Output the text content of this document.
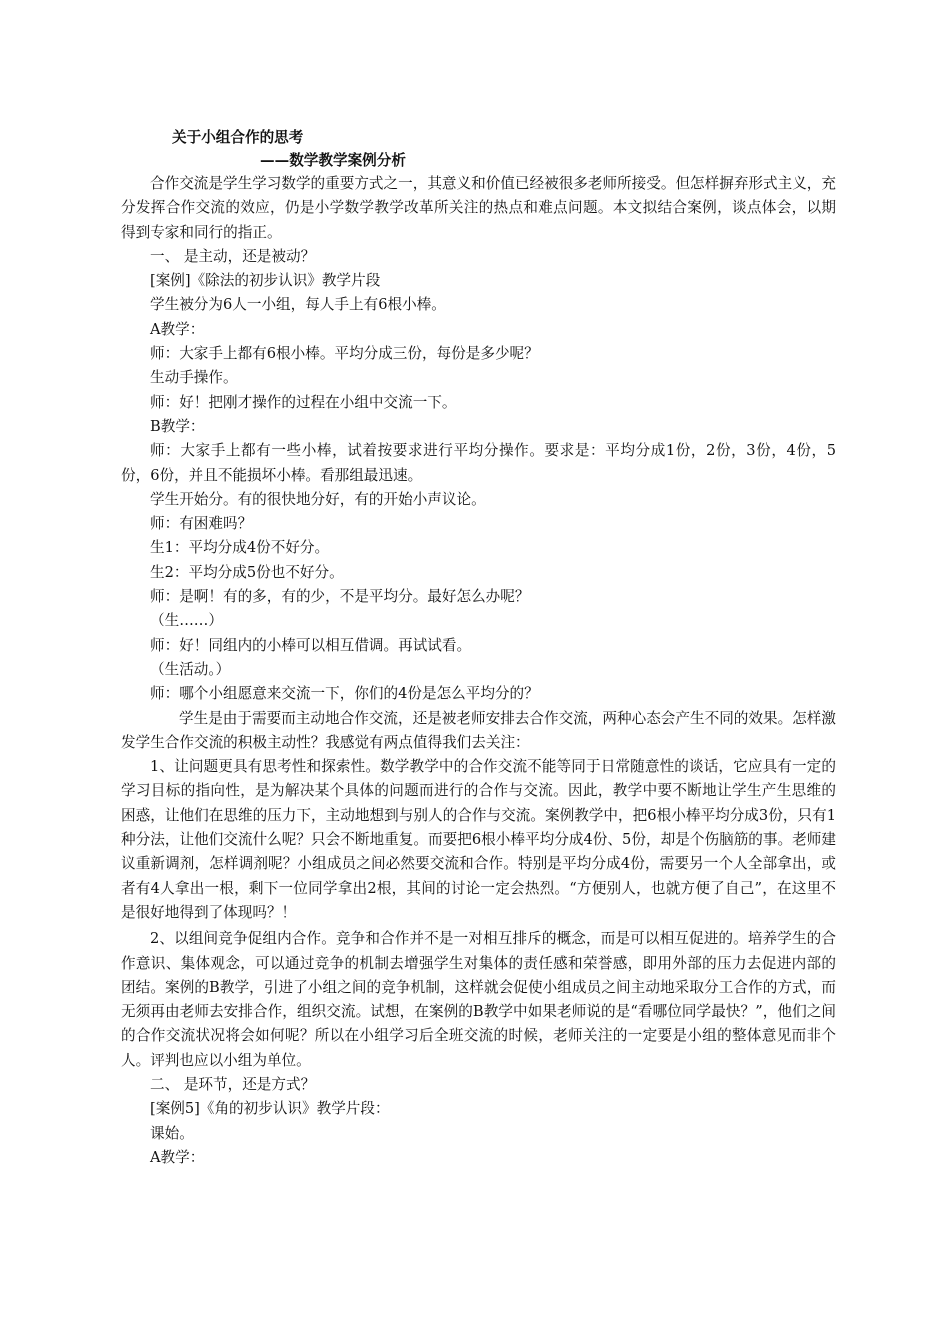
关于小组合作的思考

——数学教学案例分析

合作交流是学生学习数学的重要方式之一，其意义和价值已经被很多老师所接受。但怎样摒弃形式主义，充分发挥合作交流的效应，仍是小学数学教学改革所关注的热点和难点问题。本文拟结合案例，谈点体会，以期得到专家和同行的指正。

一、 是主动，还是被动？

[案例]《除法的初步认识》教学片段

学生被分为6人一小组，每人手上有6根小棒。

A教学：

师：大家手上都有6根小棒。平均分成三份，每份是多少呢？

生动手操作。

师：好！把刚才操作的过程在小组中交流一下。

B教学：

师：大家手上都有一些小棒，试着按要求进行平均分操作。要求是：平均分成1份，2份，3份，4份，5份，6份，并且不能损坏小棒。看那组最迅速。

学生开始分。有的很快地分好，有的开始小声议论。

师：有困难吗？

生1：平均分成4份不好分。

生2：平均分成5份也不好分。

师：是啊！有的多，有的少，不是平均分。最好怎么办呢？

（生……）

师：好！同组内的小棒可以相互借调。再试试看。

（生活动。）

师：哪个小组愿意来交流一下，你们的4份是怎么平均分的？

学生是由于需要而主动地合作交流，还是被老师安排去合作交流，两种心态会产生不同的效果。怎样激发学生合作交流的积极主动性？我感觉有两点值得我们去关注：

1、让问题更具有思考性和探索性。数学教学中的合作交流不能等同于日常随意性的谈话，它应具有一定的学习目标的指向性，是为解决某个具体的问题而进行的合作与交流。因此，教学中要不断地让学生产生思维的困惑，让他们在思维的压力下，主动地想到与别人的合作与交流。案例教学中，把6根小棒平均分成3份，只有1种分法，让他们交流什么呢？只会不断地重复。而要把6根小棒平均分成4份、5份，却是个伤脑筋的事。老师建议重新调剂，怎样调剂呢？小组成员之间必然要交流和合作。特别是平均分成4份，需要另一个人全部拿出，或者有4人拿出一根，剩下一位同学拿出2根，其间的讨论一定会热烈。“方便别人，也就方便了自己”，在这里不是很好地得到了体现吗？！

2、以组间竞争促组内合作。竞争和合作并不是一对相互排斥的概念，而是可以相互促进的。培养学生的合作意识、集体观念，可以通过竞争的机制去增强学生对集体的责任感和荣誉感，即用外部的压力去促进内部的团结。案例的B教学，引进了小组之间的竞争机制，这样就会促使小组成员之间主动地采取分工合作的方式，而无须再由老师去安排合作，组织交流。试想，在案例的B教学中如果老师说的是“看哪位同学最快？”，他们之间的合作交流状况将会如何呢？所以在小组学习后全班交流的时候，老师关注的一定要是小组的整体意见而非个人。评判也应以小组为单位。

二、 是环节，还是方式？

[案例5]《角的初步认识》教学片段：

课始。

A教学：
